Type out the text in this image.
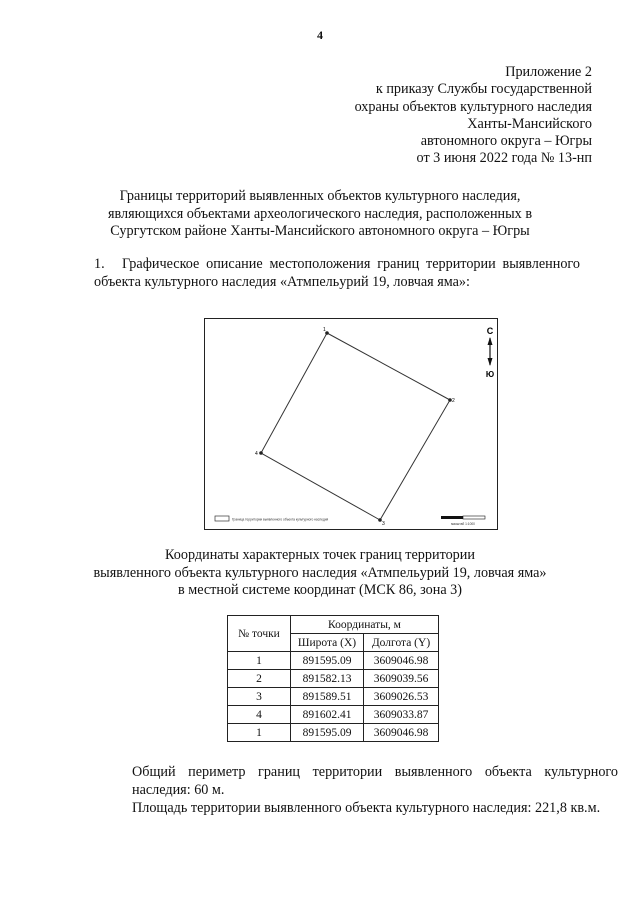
4
Приложение 2
к приказу Службы государственной
охраны объектов культурного наследия
Ханты-Мансийского
автономного округа – Югры
от 3 июня 2022 года № 13-нп
Границы территорий выявленных объектов культурного наследия,
являющихся объектами археологического наследия, расположенных в
Сургутском районе Ханты-Мансийского автономного округа – Югры
1. Графическое описание местоположения границ территории выявленного объекта культурного наследия «Атмпельурий 19, ловчая яма»:
1
2
3
4
С
Ю
Граница территории выявленного объекта культурного наследия
масштаб 1:1000
Координаты характерных точек границ территории
выявленного объекта культурного наследия «Атмпельурий 19, ловчая яма»
в местной системе координат (МСК 86, зона 3)
№ точки	Координаты, м	
	Широта (X)	Долгота (Y)
1	891595.09	3609046.98
2	891582.13	3609039.56
3	891589.51	3609026.53
4	891602.41	3609033.87
1	891595.09	3609046.98
Общий периметр границ территории выявленного объекта культурного наследия: 60 м.
Площадь территории выявленного объекта культурного наследия: 221,8 кв.м.
